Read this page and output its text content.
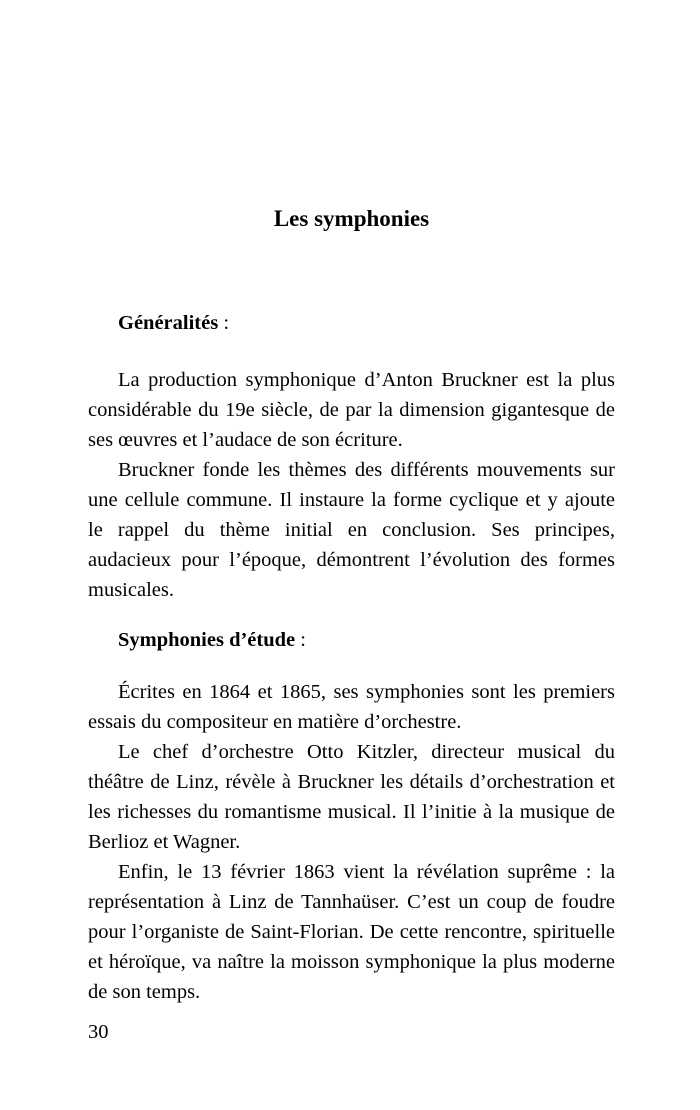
Les symphonies
Généralités :

La production symphonique d’Anton Bruckner est la plus considérable du 19e siècle, de par la dimension gigantesque de ses œuvres et l’audace de son écriture.

Bruckner fonde les thèmes des différents mouvements sur une cellule commune. Il instaure la forme cyclique et y ajoute le rappel du thème initial en conclusion. Ses principes, audacieux pour l’époque, démontrent l’évolution des formes musicales.

Symphonies d’étude :

Écrites en 1864 et 1865, ses symphonies sont les premiers essais du compositeur en matière d’orchestre.

Le chef d’orchestre Otto Kitzler, directeur musical du théâtre de Linz, révèle à Bruckner les détails d’orchestration et les richesses du romantisme musical. Il l’initie à la musique de Berlioz et Wagner.

Enfin, le 13 février 1863 vient la révélation suprême : la représentation à Linz de Tannhaüser. C’est un coup de foudre pour l’organiste de Saint-Florian. De cette rencontre, spirituelle et héroïque, va naître la moisson symphonique la plus moderne de son temps.

30
